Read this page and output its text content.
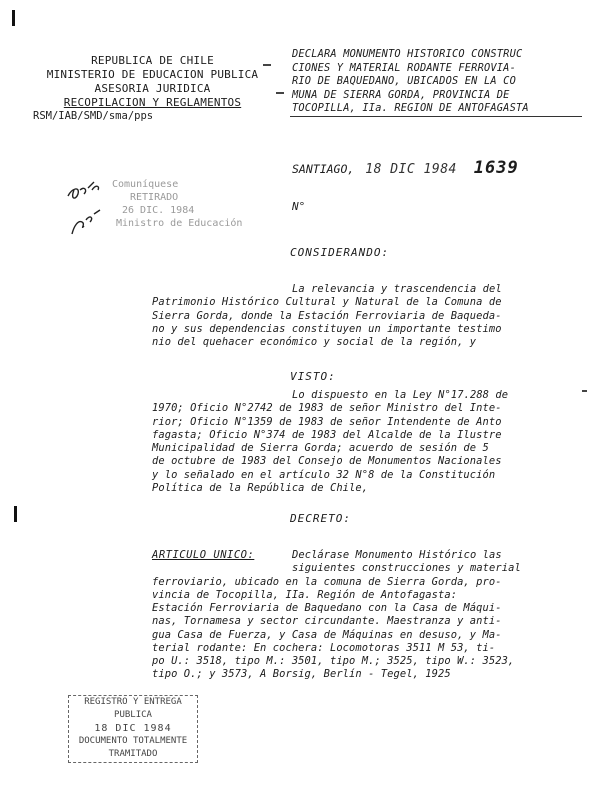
REPUBLICA DE CHILE
MINISTERIO DE EDUCACION PUBLICA
ASESORIA JURIDICA
RECOPILACION Y REGLAMENTOS
RSM/IAB/SMD/sma/pps
DECLARA MONUMENTO HISTORICO CONSTRUC
CIONES Y MATERIAL RODANTE FERROVIA-
RIO DE BAQUEDANO, UBICADOS EN LA CO
MUNA DE SIERRA GORDA, PROVINCIA DE
TOCOPILLA, IIa. REGION DE ANTOFAGASTA
SANTIAGO, 18 DIC 1984 1639
N°
Comuníquese
RETIRADO
26 DIC. 1984
Ministro de Educación
CONSIDERANDO:
La relevancia y trascendencia del
Patrimonio Histórico Cultural y Natural de la Comuna de
Sierra Gorda, donde la Estación Ferroviaria de Baqueda-
no y sus dependencias constituyen un importante testimo
nio del quehacer económico y social de la región, y
VISTO:
Lo dispuesto en la Ley N°17.288 de
1970; Oficio N°2742 de 1983 de señor Ministro del Inte-
rior; Oficio N°1359 de 1983 de señor Intendente de Anto
fagasta; Oficio N°374 de 1983 del Alcalde de la Ilustre
Municipalidad de Sierra Gorda; acuerdo de sesión de 5
de octubre de 1983 del Consejo de Monumentos Nacionales
y lo señalado en el artículo 32 N°8 de la Constitución
Política de la República de Chile,
DECRETO:
ARTICULO UNICO:	Declárase Monumento Histórico las
siguientes construcciones y material
ferroviario, ubicado en la comuna de Sierra Gorda, pro-
vincia de Tocopilla, IIa. Región de Antofagasta:
Estación Ferroviaria de Baquedano con la Casa de Máqui-
nas, Tornamesa y sector circundante. Maestranza y anti-
gua Casa de Fuerza, y Casa de Máquinas en desuso, y Ma-
terial rodante: En cochera: Locomotoras 3511 M 53, ti-
po U.: 3518, tipo M.: 3501, tipo M.; 3525, tipo W.: 3523,
tipo O.; y 3573, A Borsig, Berlín - Tegel, 1925
REGISTRO Y ENTREGA
PUBLICA
18 DIC 1984
DOCUMENTO TOTALMENTE
TRAMITADO
